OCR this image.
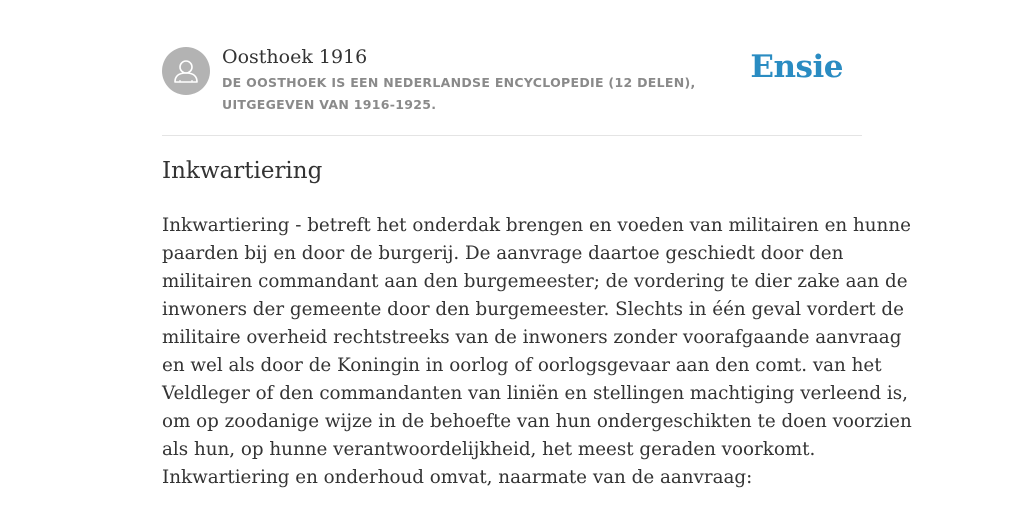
Oosthoek 1916
DE OOSTHOEK IS EEN NEDERLANDSE ENCYCLOPEDIE (12 DELEN), UITGEGEVEN VAN 1916-1925.
Ensie
Inkwartiering
Inkwartiering - betreft het onderdak brengen en voeden van militairen en hunne
paarden bij en door de burgerij. De aanvrage daartoe geschiedt door den
militairen commandant aan den burgemeester; de vordering te dier zake aan de
inwoners der gemeente door den burgemeester. Slechts in één geval vordert de
militaire overheid rechtstreeks van de inwoners zonder voorafgaande aanvraag
en wel als door de Koningin in oorlog of oorlogsgevaar aan den comt. van het
Veldleger of den commandanten van liniën en stellingen machtiging verleend is,
om op zoodanige wijze in de behoefte van hun ondergeschikten te doen voorzien
als hun, op hunne verantwoordelijkheid, het meest geraden voorkomt.
Inkwartiering en onderhoud omvat, naarmate van de aanvraag:
